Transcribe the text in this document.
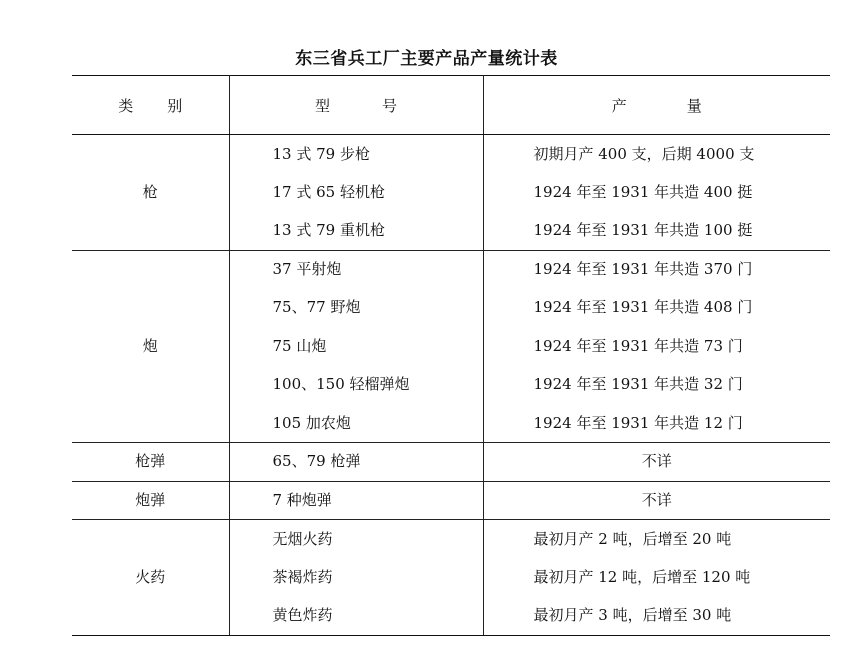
东三省兵工厂主要产品产量统计表
类别	型号	产量
枪	13 式 79 步枪	初期月产 400 支，后期 4000 支
	17 式 65 轻机枪	1924 年至 1931 年共造 400 挺
	13 式 79 重机枪	1924 年至 1931 年共造 100 挺
炮	37 平射炮	1924 年至 1931 年共造 370 门
	75、77 野炮	1924 年至 1931 年共造 408 门
	75 山炮	1924 年至 1931 年共造 73 门
	100、150 轻榴弹炮	1924 年至 1931 年共造 32 门
	105 加农炮	1924 年至 1931 年共造 12 门
枪弹	65、79 枪弹	不详
炮弹	7 种炮弹	不详
火药	无烟火药	最初月产 2 吨，后增至 20 吨
	茶褐炸药	最初月产 12 吨，后增至 120 吨
	黄色炸药	最初月产 3 吨，后增至 30 吨
